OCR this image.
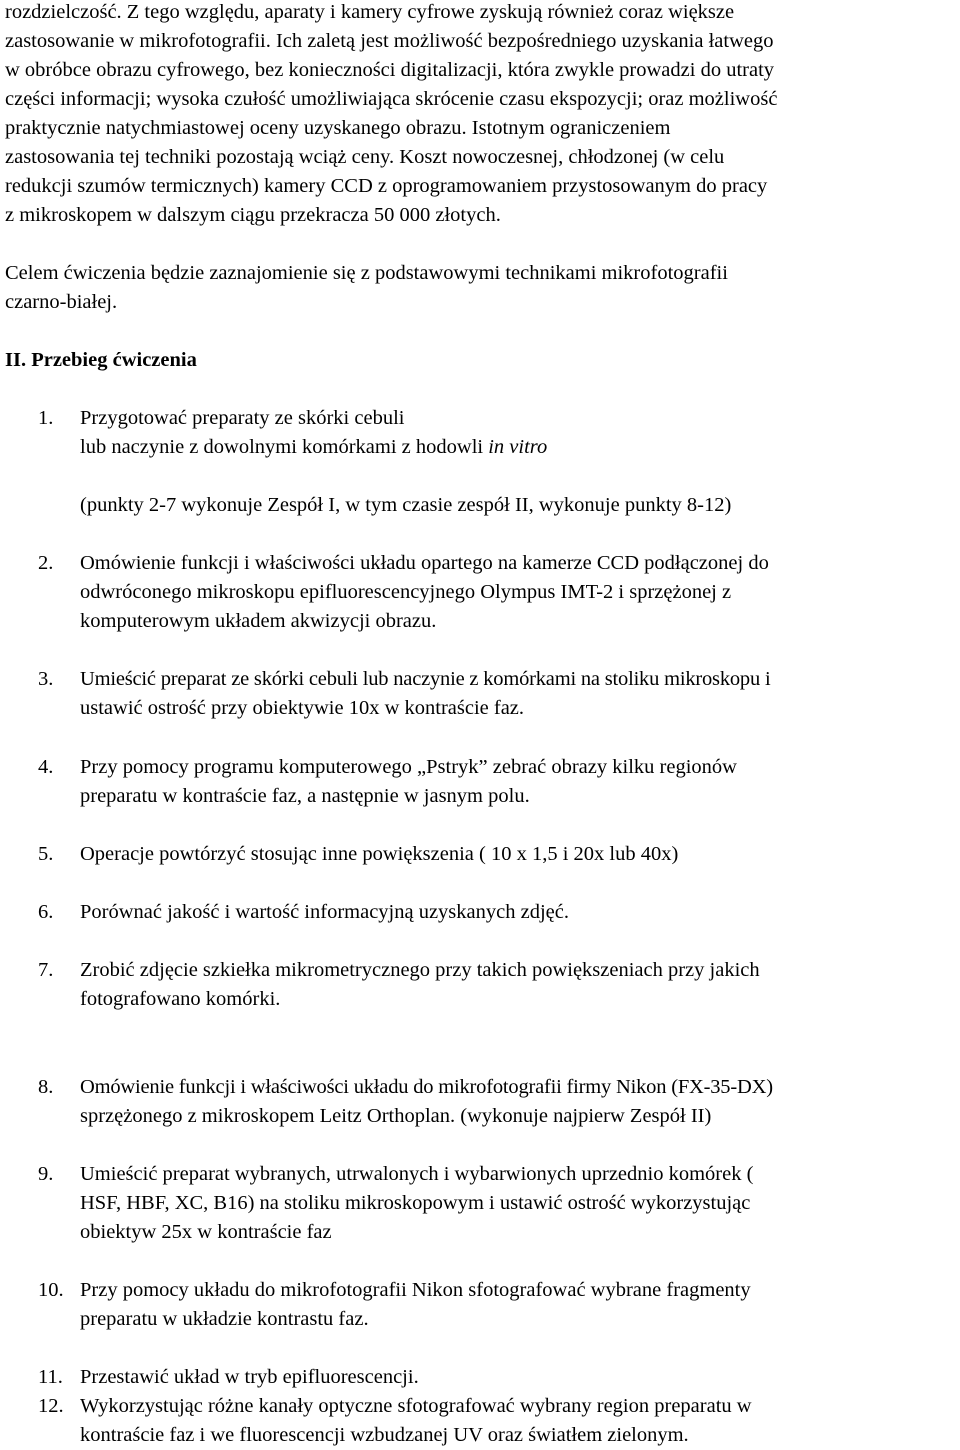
rozdzielczość. Z tego względu, aparaty i kamery cyfrowe zyskują również coraz większe
zastosowanie w mikrofotografii. Ich zaletą jest możliwość bezpośredniego uzyskania łatwego
w obróbce obrazu cyfrowego, bez konieczności digitalizacji, która zwykle prowadzi do utraty
części informacji; wysoka czułość umożliwiająca skrócenie czasu ekspozycji; oraz możliwość
praktycznie natychmiastowej oceny uzyskanego obrazu. Istotnym ograniczeniem
zastosowania tej techniki pozostają wciąż ceny. Koszt nowoczesnej, chłodzonej (w celu
redukcji szumów termicznych) kamery CCD z oprogramowaniem przystosowanym do pracy
z mikroskopem w dalszym ciągu przekracza 50 000 złotych.
Celem ćwiczenia będzie zaznajomienie się z podstawowymi technikami mikrofotografii
czarno-białej.
II. Przebieg ćwiczenia
1. Przygotować preparaty ze skórki cebuli
lub naczynie z dowolnymi komórkami z hodowli in vitro
(punkty 2-7 wykonuje Zespół I, w tym czasie zespół II, wykonuje punkty 8-12)
2. Omówienie funkcji i właściwości układu opartego na kamerze CCD podłączonej do
odwróconego mikroskopu epifluorescencyjnego Olympus IMT-2 i sprzężonej z
komputerowym układem akwizycji obrazu.
3. Umieścić preparat ze skórki cebuli lub naczynie z komórkami na stoliku mikroskopu i
ustawić ostrość przy obiektywie 10x w kontraście faz.
4. Przy pomocy programu komputerowego „Pstryk” zebrać obrazy kilku regionów
preparatu w kontraście faz, a następnie w jasnym polu.
5. Operacje powtórzyć stosując inne powiększenia ( 10 x 1,5 i 20x lub 40x)
6. Porównać jakość i wartość informacyjną uzyskanych zdjęć.
7. Zrobić zdjęcie szkiełka mikrometrycznego przy takich powiększeniach przy jakich
fotografowano komórki.
8. Omówienie funkcji i właściwości układu do mikrofotografii firmy Nikon (FX-35-DX)
sprzężonego z mikroskopem Leitz Orthoplan. (wykonuje najpierw Zespół II)
9. Umieścić preparat wybranych, utrwalonych i wybarwionych uprzednio komórek (
HSF, HBF, XC, B16) na stoliku mikroskopowym i ustawić ostrość wykorzystując
obiektyw 25x w kontraście faz
10. Przy pomocy układu do mikrofotografii Nikon sfotografować wybrane fragmenty
preparatu w układzie kontrastu faz.
11. Przestawić układ w tryb epifluorescencji.
12. Wykorzystując różne kanały optyczne sfotografować wybrany region preparatu w
kontraście faz i we fluorescencji wzbudzanej UV oraz światłem zielonym.
